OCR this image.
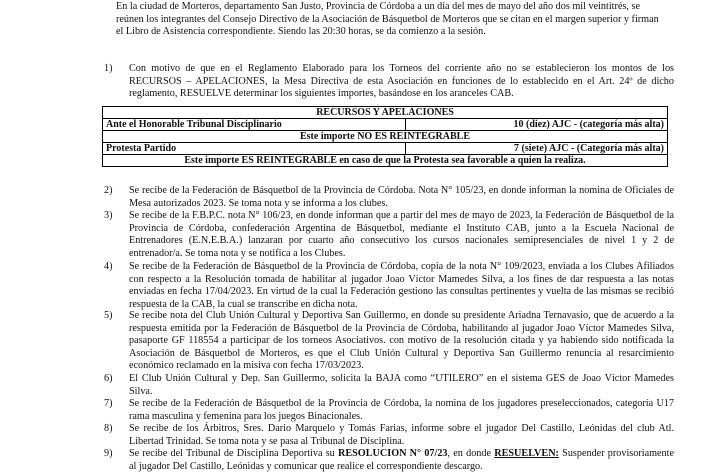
En la ciudad de Morteros, departamento San Justo, Provincia de Córdoba a un día del mes de mayo del año dos mil veintitrés, se reúnen los integrantes del Consejo Directivo de la Asociación de Básquetbol de Morteros que se citan en el margen superior y firman el Libro de Asistencia correspondiente. Siendo las 20:30 horas, se da comienzo a la sesión.

1)	Con motivo de que en el Reglamento Elaborado para los Torneos del corriente año no se establecieron los montos de los RECURSOS – APELACIONES, la Mesa Directiva de esta Asociación en funciones de lo establecido en el Art. 24º de dicho reglamento, RESUELVE determinar los siguientes importes, basándose en los aranceles CAB.

RECURSOS Y APELACIONES	
Ante el Honorable Tribunal Disciplinario	10 (diez) AJC - (categoría más alta)
Este importe NO ES REINTEGRABLE	
Protesta Partido	7 (siete) AJC - (Categoría más alta)
Este importe ES REINTEGRABLE en caso de que la Protesta sea favorable a quien la realiza.	
2)	Se recibe de la Federación de Básquetbol de la Provincia de Córdoba. Nota N° 105/23, en donde informan la nomina de Oficiales de Mesa autorizados 2023. Se toma nota y se informa a los clubes.

3)	Se recibe de la F.B.P.C. nota N° 106/23, en donde informan que a partir del mes de mayo de 2023, la Federación de Básquetbol de la Provincia de Córdoba, confederación Argentina de Básquetbol, mediante el Instituto CAB, junto a la Escuela Nacional de Entrenadores (E.N.E.B.A.) lanzaran por cuarto año consecutivo los cursos nacionales semipresenciales de nivel 1 y 2 de entrenador/a. Se toma nota y se notifica a los Clubes.

4)	Se recibe de la Federación de Básquetbol de la Provincia de Córdoba, copia de la nota N° 109/2023, enviada a los Clubes Afiliados con respecto a la Resolución tomada de habilitar al jugador Joao Víctor Mamedes Silva, a los fines de dar respuesta a las notas enviadas en fecha 17/04/2023. En virtud de la cual la Federación gestiono las consultas pertinentes y vuelta de las mismas se recibió respuesta de la CAB, la cual se transcribe en dicha nota.

5)	Se recibe nota del Club Unión Cultural y Deportiva San Guillermo, en donde su presidente Ariadna Ternavasio, que de acuerdo a la respuesta emitida por la Federación de Básquetbol de la Provincia de Córdoba, habilitando al jugador Joao Víctor Mamedes Silva, pasaporte GF 118554 a participar de los torneos Asociativos. con motivo de la resolución citada y ya habiendo sido notificada la Asociación de Básquetbol de Morteros, es que el Club Unión Cultural y Deportiva San Guillermo renuncia al resarcimiento económico reclamado en la misiva con fecha 17/03/2023.

6)	El Club Unión Cultural y Dep. San Guillermo, solicita la BAJA como “UTILERO” en el sistema GES de Joao Víctor Mamedes Silva.

7)	Se recibe de la Federación de Básquetbol de la Provincia de Córdoba, la nomina de los jugadores preseleccionados, categoría U17 rama masculina y femenina para los juegos Binacionales.

8)	Se recibe de los Árbitros, Sres. Dario Marquelo y Tomás Farias, informe sobre el jugador Del Castillo, Leónidas del club Atl. Libertad Trinidad. Se toma nota y se pasa al Tribunal de Disciplina.

9)	Se recibe del Tribunal de Disciplina Deportiva su RESOLUCION N° 07/23, en donde RESUELVEN: Suspender provisoriamente al jugador Del Castillo, Leónidas y comunicar que realice el correspondiente descargo.
